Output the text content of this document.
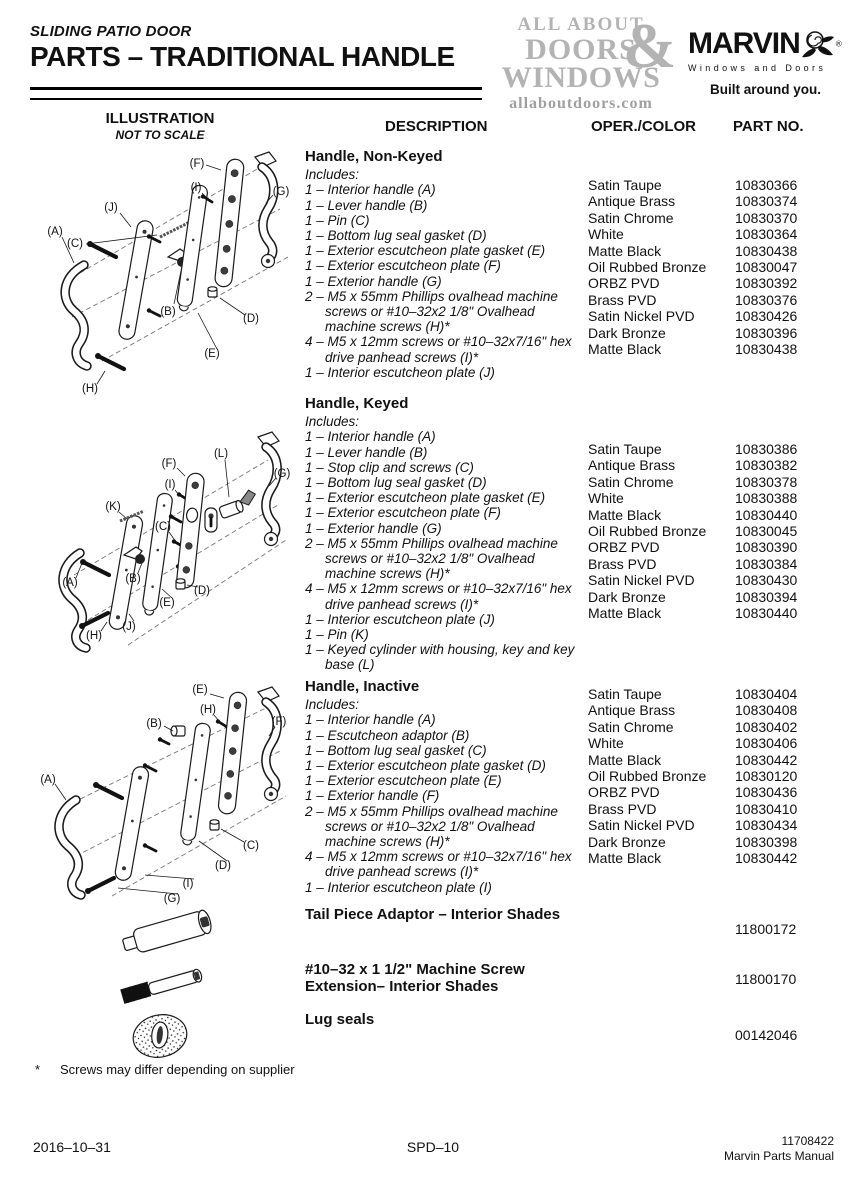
SLIDING PATIO DOOR
PARTS – TRADITIONAL HANDLE
ALL ABOUT
DOORS
WINDOWS
allaboutdoors.com
& MARVIN	®
Windows and Doors
Built around you.
ILLUSTRATION
NOT TO SCALE	DESCRIPTION	OPER./COLOR PART NO.
Handle, Non-Keyed
Includes:
1 – Interior handle (A)
1 – Lever handle (B)
1 – Pin (C)
1 – Bottom lug seal gasket (D)
1 – Exterior escutcheon plate gasket (E)
1 – Exterior escutcheon plate (F)
1 – Exterior handle (G)
2 – M5 x 55mm Phillips ovalhead machine screws or #10–32x2 1/8" Ovalhead machine screws (H)*
4 – M5 x 12mm screws or #10–32x7/16" hex drive panhead screws (I)*
1 – Interior escutcheon plate (J)
Satin Taupe	10830366
Antique Brass	10830374
Satin Chrome	10830370
White	10830364
Matte Black	10830438
Oil Rubbed Bronze	10830047
ORBZ PVD	10830392
Brass PVD	10830376
Satin Nickel PVD	10830426
Dark Bronze	10830396
Matte Black	10830438
Handle, Keyed
Includes:
1 – Interior handle (A)
1 – Lever handle (B)
1 – Stop clip and screws (C)
1 – Bottom lug seal gasket (D)
1 – Exterior escutcheon plate gasket (E)
1 – Exterior escutcheon plate (F)
1 – Exterior handle (G)
2 – M5 x 55mm Phillips ovalhead machine screws or #10–32x2 1/8" Ovalhead machine screws (H)*
4 – M5 x 12mm screws or #10–32x7/16" hex drive panhead screws (I)*
1 – Interior escutcheon plate (J)
1 – Pin (K)
1 – Keyed cylinder with housing, key and key base (L)
Satin Taupe	10830386
Antique Brass	10830382
Satin Chrome	10830378
White	10830388
Matte Black	10830440
Oil Rubbed Bronze	10830045
ORBZ PVD	10830390
Brass PVD	10830384
Satin Nickel PVD	10830430
Dark Bronze	10830394
Matte Black	10830440
Handle, Inactive
Includes:
1 – Interior handle (A)
1 – Escutcheon adaptor (B)
1 – Bottom lug seal gasket (C)
1 – Exterior escutcheon plate gasket (D)
1 – Exterior escutcheon plate (E)
1 – Exterior handle (F)
2 – M5 x 55mm Phillips ovalhead machine screws or #10–32x2 1/8" Ovalhead machine screws (H)*
4 – M5 x 12mm screws or #10–32x7/16" hex drive panhead screws (I)*
1 – Interior escutcheon plate (I)
Satin Taupe	10830404
Antique Brass	10830408
Satin Chrome	10830402
White	10830406
Matte Black	10830442
Oil Rubbed Bronze	10830120
ORBZ PVD	10830436
Brass PVD	10830410
Satin Nickel PVD	10830434
Dark Bronze	10830398
Matte Black	10830442
Tail Piece Adaptor – Interior Shades
11800172
#10–32 x 1 1/2" Machine Screw
Extension– Interior Shades	11800170
Lug seals
00142046
(A)
(B)
(C)
(D)
(E)
(F)
(G)
(H)
(I)
(J)
(A)	(B)
(C)
(D)
(E)
(F)
(G)
(H)
(I)
(J)
(K)
(L)
(A)
(B)
(C)
(D)
(E)
(F)
(G)
(H)
(I)
* Screws may differ depending on supplier
2016–10–31	SPD–10	11708422
Marvin Parts Manual
